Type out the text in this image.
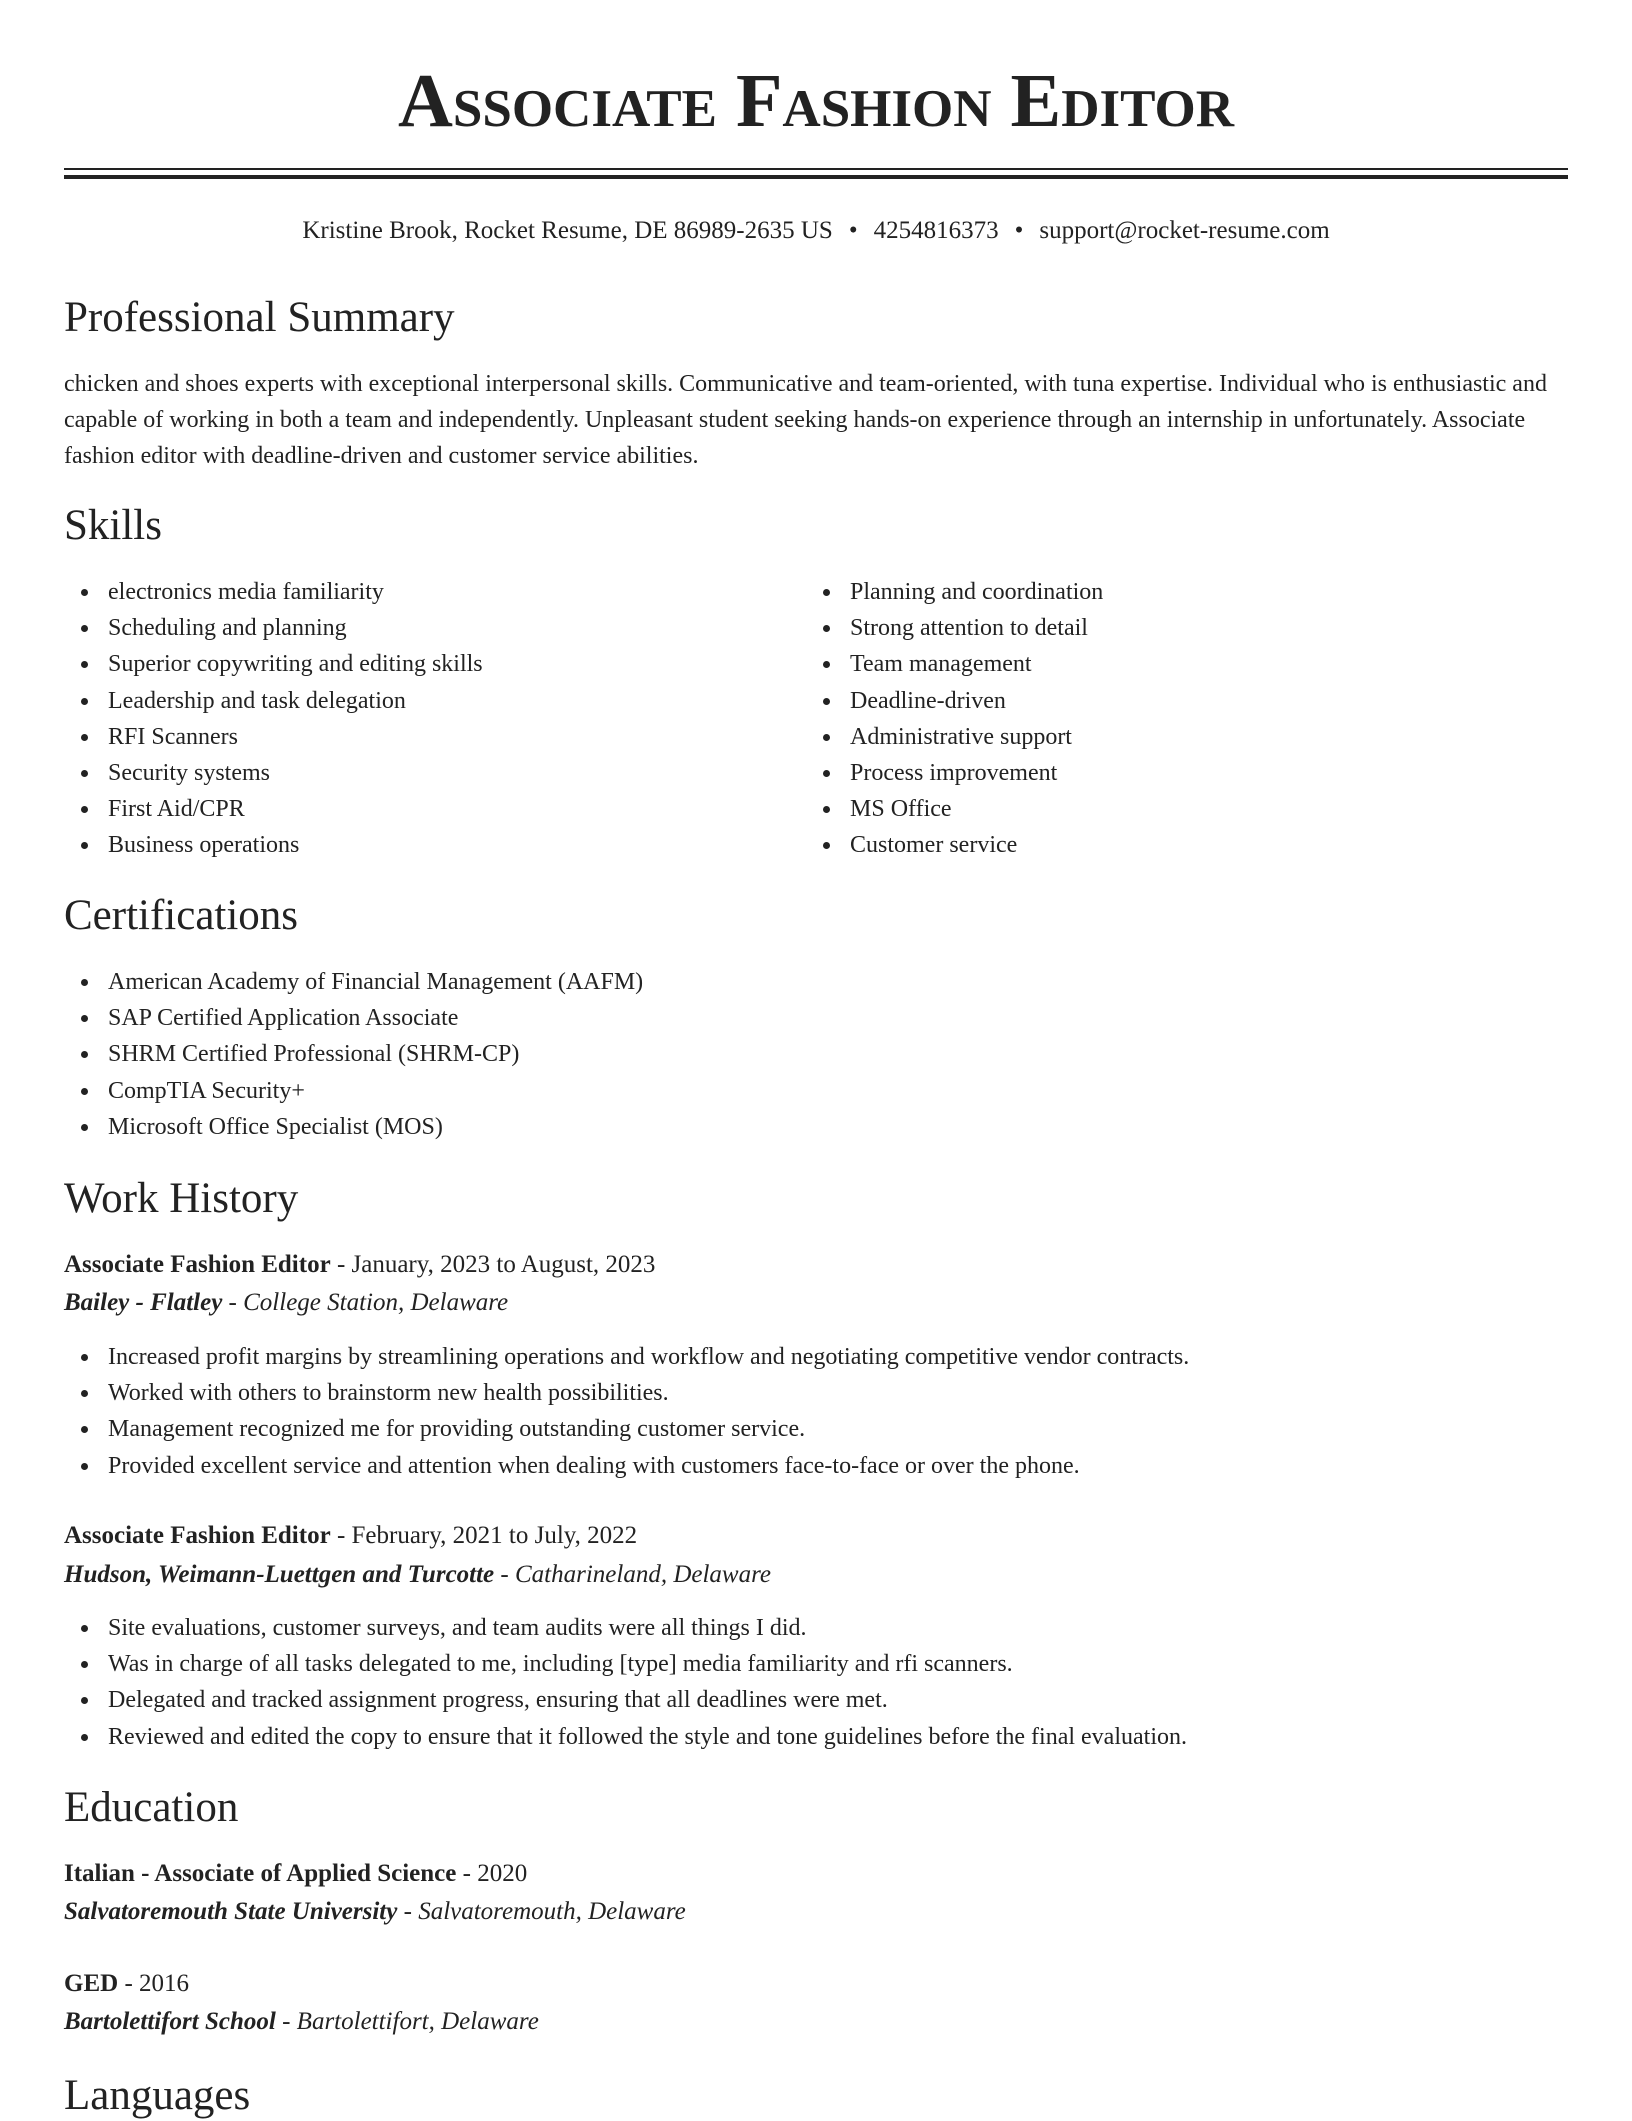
Associate Fashion Editor
Kristine Brook, Rocket Resume, DE 86989-2635 US • 4254816373 • support@rocket-resume.com
Professional Summary

chicken and shoes experts with exceptional interpersonal skills. Communicative and team-oriented, with tuna expertise. Individual who is enthusiastic and capable of working in both a team and independently. Unpleasant student seeking hands-on experience through an internship in unfortunately. Associate fashion editor with deadline-driven and customer service abilities.

Skills
electronics media familiarity
Scheduling and planning
Superior copywriting and editing skills
Leadership and task delegation
RFI Scanners
Security systems
First Aid/CPR
Business operations
Planning and coordination
Strong attention to detail
Team management
Deadline-driven
Administrative support
Process improvement
MS Office
Customer service
Certifications
American Academy of Financial Management (AAFM)
SAP Certified Application Associate
SHRM Certified Professional (SHRM-CP)
CompTIA Security+
Microsoft Office Specialist (MOS)
Work History
Associate Fashion Editor - January, 2023 to August, 2023
Bailey - Flatley - College Station, Delaware
Increased profit margins by streamlining operations and workflow and negotiating competitive vendor contracts.
Worked with others to brainstorm new health possibilities.
Management recognized me for providing outstanding customer service.
Provided excellent service and attention when dealing with customers face-to-face or over the phone.
Associate Fashion Editor - February, 2021 to July, 2022
Hudson, Weimann-Luettgen and Turcotte - Catharineland, Delaware
Site evaluations, customer surveys, and team audits were all things I did.
Was in charge of all tasks delegated to me, including [type] media familiarity and rfi scanners.
Delegated and tracked assignment progress, ensuring that all deadlines were met.
Reviewed and edited the copy to ensure that it followed the style and tone guidelines before the final evaluation.
Education
Italian - Associate of Applied Science - 2020
Salvatoremouth State University - Salvatoremouth, Delaware
GED - 2016
Bartolettifort School - Bartolettifort, Delaware
Languages
